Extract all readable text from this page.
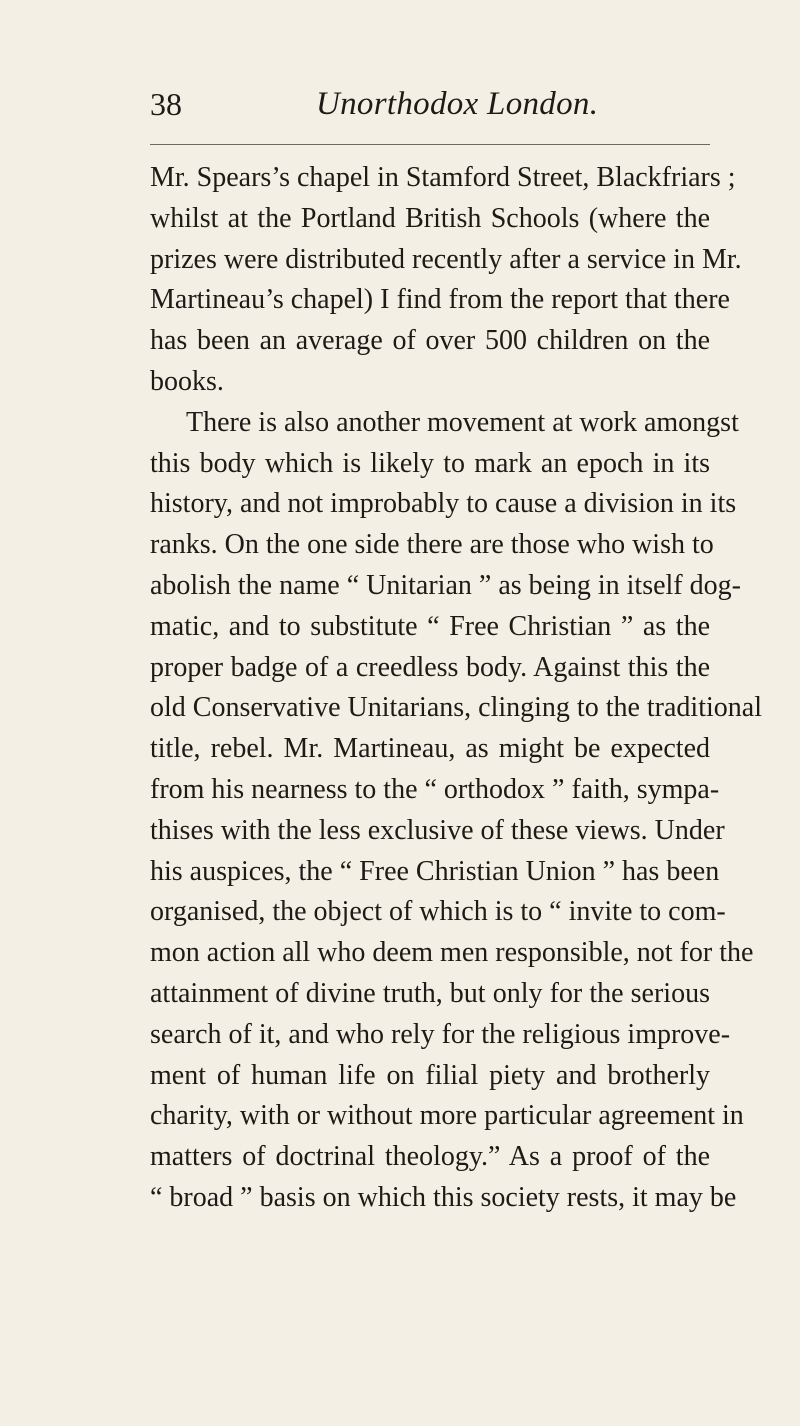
38	Unorthodox London.
Mr. Spears’s chapel in Stamford Street, Blackfriars ;
whilst at the Portland British Schools (where the
prizes were distributed recently after a service in Mr.
Martineau’s chapel) I find from the report that there
has been an average of over 500 children on the
books.
There is also another movement at work amongst
this body which is likely to mark an epoch in its
history, and not improbably to cause a division in its
ranks. On the one side there are those who wish to
abolish the name “ Unitarian ” as being in itself dog-
matic, and to substitute “ Free Christian ” as the
proper badge of a creedless body. Against this the
old Conservative Unitarians, clinging to the traditional
title, rebel. Mr. Martineau, as might be expected
from his nearness to the “ orthodox ” faith, sympa-
thises with the less exclusive of these views. Under
his auspices, the “ Free Christian Union ” has been
organised, the object of which is to “ invite to com-
mon action all who deem men responsible, not for the
attainment of divine truth, but only for the serious
search of it, and who rely for the religious improve-
ment of human life on filial piety and brotherly
charity, with or without more particular agreement in
matters of doctrinal theology.” As a proof of the
“ broad ” basis on which this society rests, it may be
